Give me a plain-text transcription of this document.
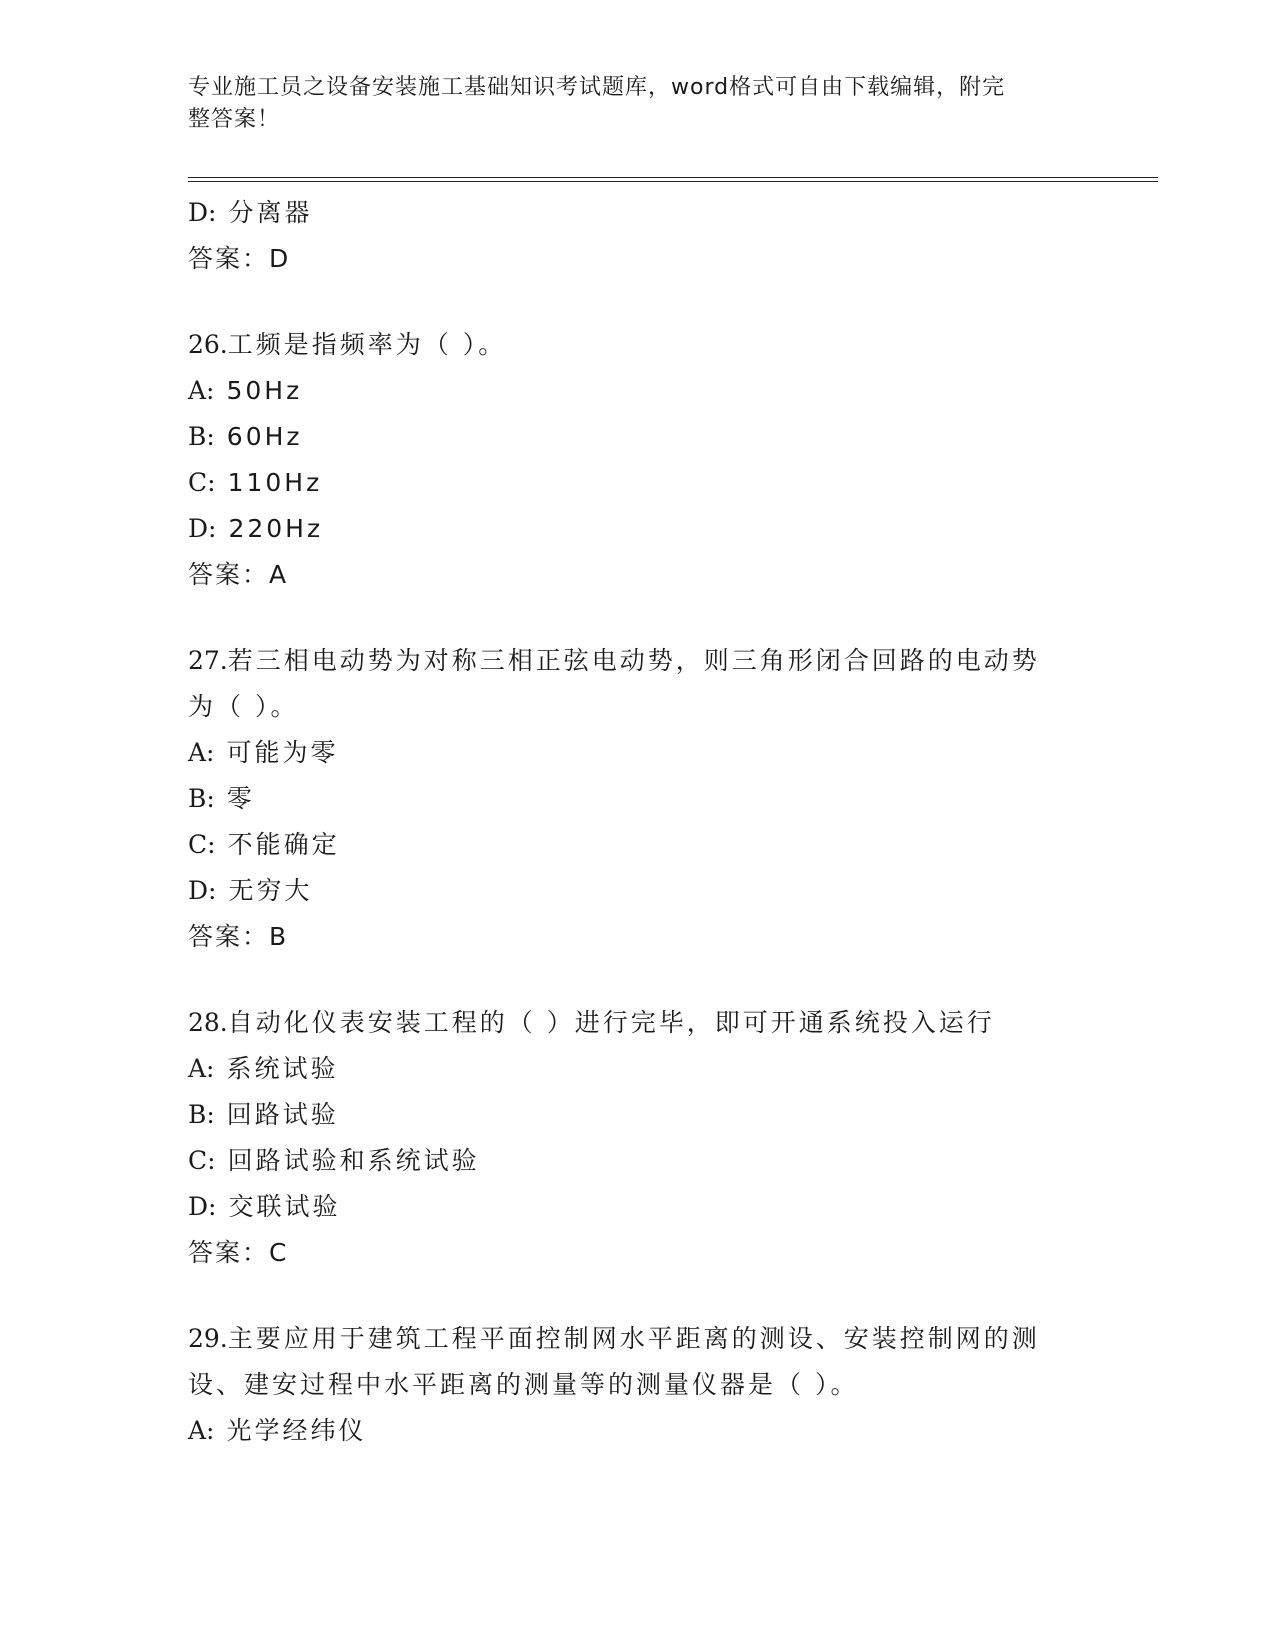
专业施工员之设备安装施工基础知识考试题库，word格式可自由下载编辑，附完
整答案！
D: 分离器
答案：D
26.工频是指频率为（ ）。
A: 50Hz
B: 60Hz
C: 110Hz
D: 220Hz
答案：A
27.若三相电动势为对称三相正弦电动势，则三角形闭合回路的电动势
为（ ）。
A: 可能为零
B: 零
C: 不能确定
D: 无穷大
答案：B
28.自动化仪表安装工程的（ ）进行完毕，即可开通系统投入运行
A: 系统试验
B: 回路试验
C: 回路试验和系统试验
D: 交联试验
答案：C
29.主要应用于建筑工程平面控制网水平距离的测设、安装控制网的测
设、建安过程中水平距离的测量等的测量仪器是（ ）。
A: 光学经纬仪
